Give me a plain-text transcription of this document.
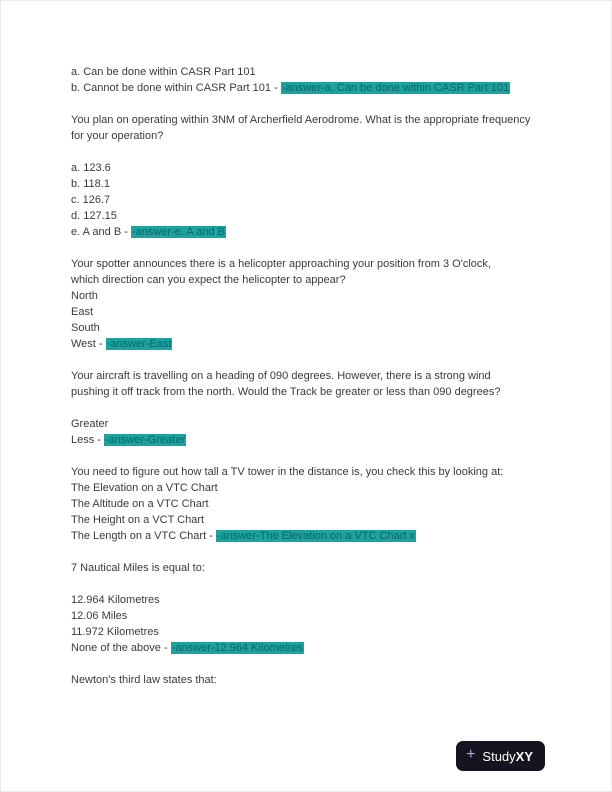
a. Can be done within CASR Part 101
b. Cannot be done within CASR Part 101 - -answer-a. Can be done within CASR Part 101
You plan on operating within 3NM of Archerfield Aerodrome. What is the appropriate frequency
for your operation?
a. 123.6
b. 118.1
c. 126.7
d. 127.15
e. A and B - -answer-e. A and B
Your spotter announces there is a helicopter approaching your position from 3 O'clock,
which direction can you expect the helicopter to appear?
North
East
South
West - -answer-East
Your aircraft is travelling on a heading of 090 degrees. However, there is a strong wind
pushing it off track from the north. Would the Track be greater or less than 090 degrees?
Greater
Less - -answer-Greater
You need to figure out how tall a TV tower in the distance is, you check this by looking at:
The Elevation on a VTC Chart
The Altitude on a VTC Chart
The Height on a VCT Chart
The Length on a VTC Chart - -answer-The Elevation on a VTC Chart x
7 Nautical Miles is equal to:
12.964 Kilometres
12.06 Miles
11.972 Kilometres
None of the above - -answer-12.964 Kilometres
Newton's third law states that:
+ StudyXY
